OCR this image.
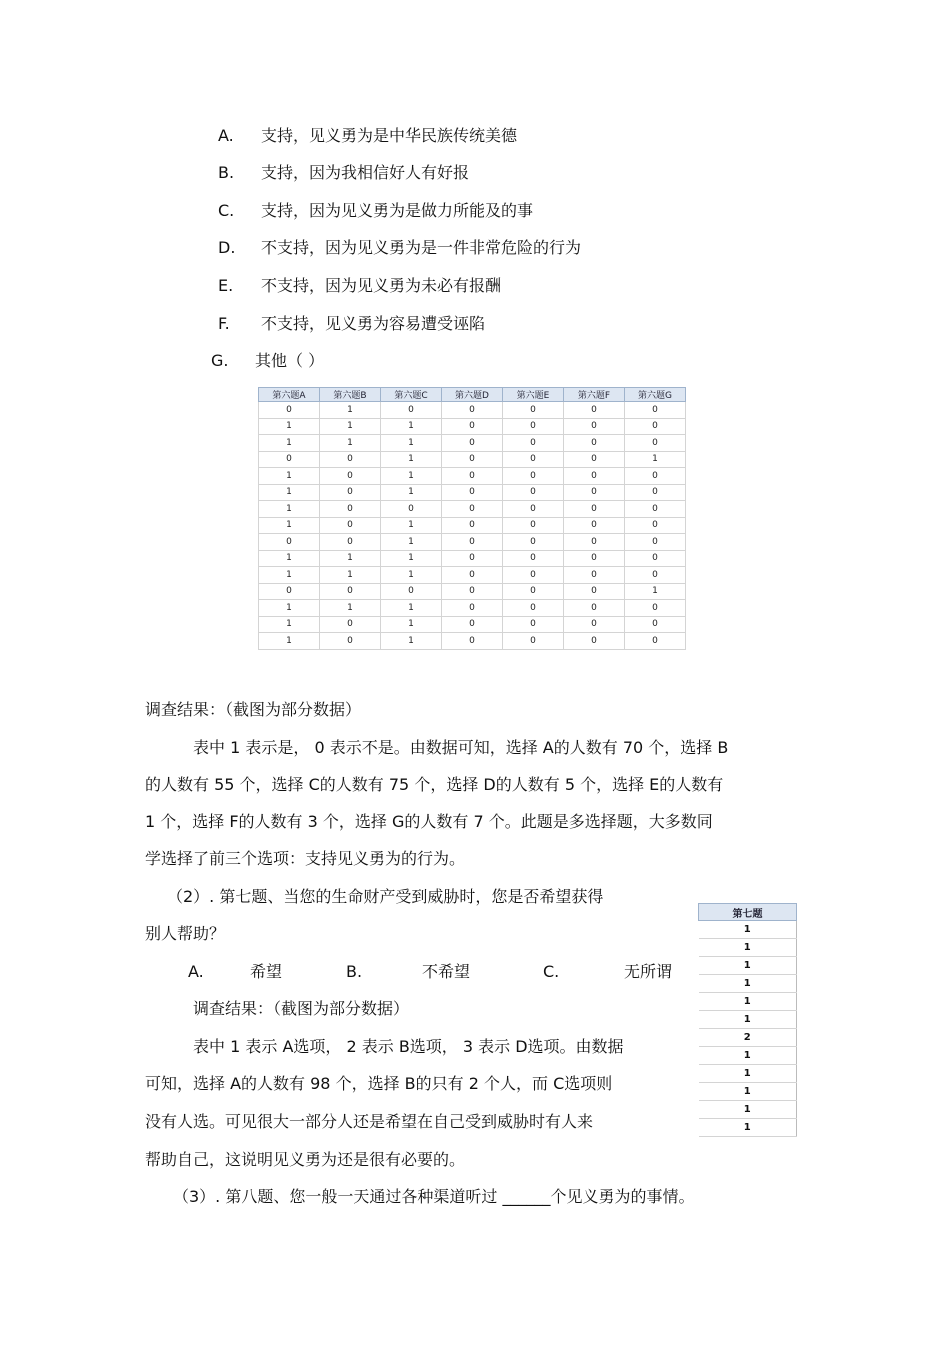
A. 支持，见义勇为是中华民族传统美德
B. 支持，因为我相信好人有好报
C. 支持，因为见义勇为是做力所能及的事
D. 不支持，因为见义勇为是一件非常危险的行为
E. 不支持，因为见义勇为未必有报酬
F. 不支持，见义勇为容易遭受诬陷
G. 其他（ ）
第六题A	第六题B	第六题C	第六题D	第六题E	第六题F	第六题G
0	1	0	0	0	0	0
1	1	1	0	0	0	0
1	1	1	0	0	0	0
0	0	1	0	0	0	1
1	0	1	0	0	0	0
1	0	1	0	0	0	0
1	0	0	0	0	0	0
1	0	1	0	0	0	0
0	0	1	0	0	0	0
1	1	1	0	0	0	0
1	1	1	0	0	0	0
0	0	0	0	0	0	1
1	1	1	0	0	0	0
1	0	1	0	0	0	0
1	0	1	0	0	0	0
调查结果：（截图为部分数据）
表中 1 表示是， 0 表示不是。由数据可知，选择 A的人数有 70 个，选择 B
的人数有 55 个，选择 C的人数有 75 个，选择 D的人数有 5 个，选择 E的人数有
1 个，选择 F的人数有 3 个，选择 G的人数有 7 个。此题是多选择题，大多数同
学选择了前三个选项：支持见义勇为的行为。
（2）. 第七题、当您的生命财产受到威胁时，您是否希望获得
别人帮助？
A.	希望	B.	不希望	C.	无所谓
调查结果：（截图为部分数据）
表中 1 表示 A选项， 2 表示 B选项， 3 表示 D选项。由数据
可知，选择 A的人数有 98 个，选择 B的只有 2 个人，而 C选项则
没有人选。可见很大一部分人还是希望在自己受到威胁时有人来
帮助自己，这说明见义勇为还是很有必要的。
第七题
1
1
1
1
1
1
2
1
1
1
1
1
（3）. 第八题、您一般一天通过各种渠道听过 ______个见义勇为的事情。
